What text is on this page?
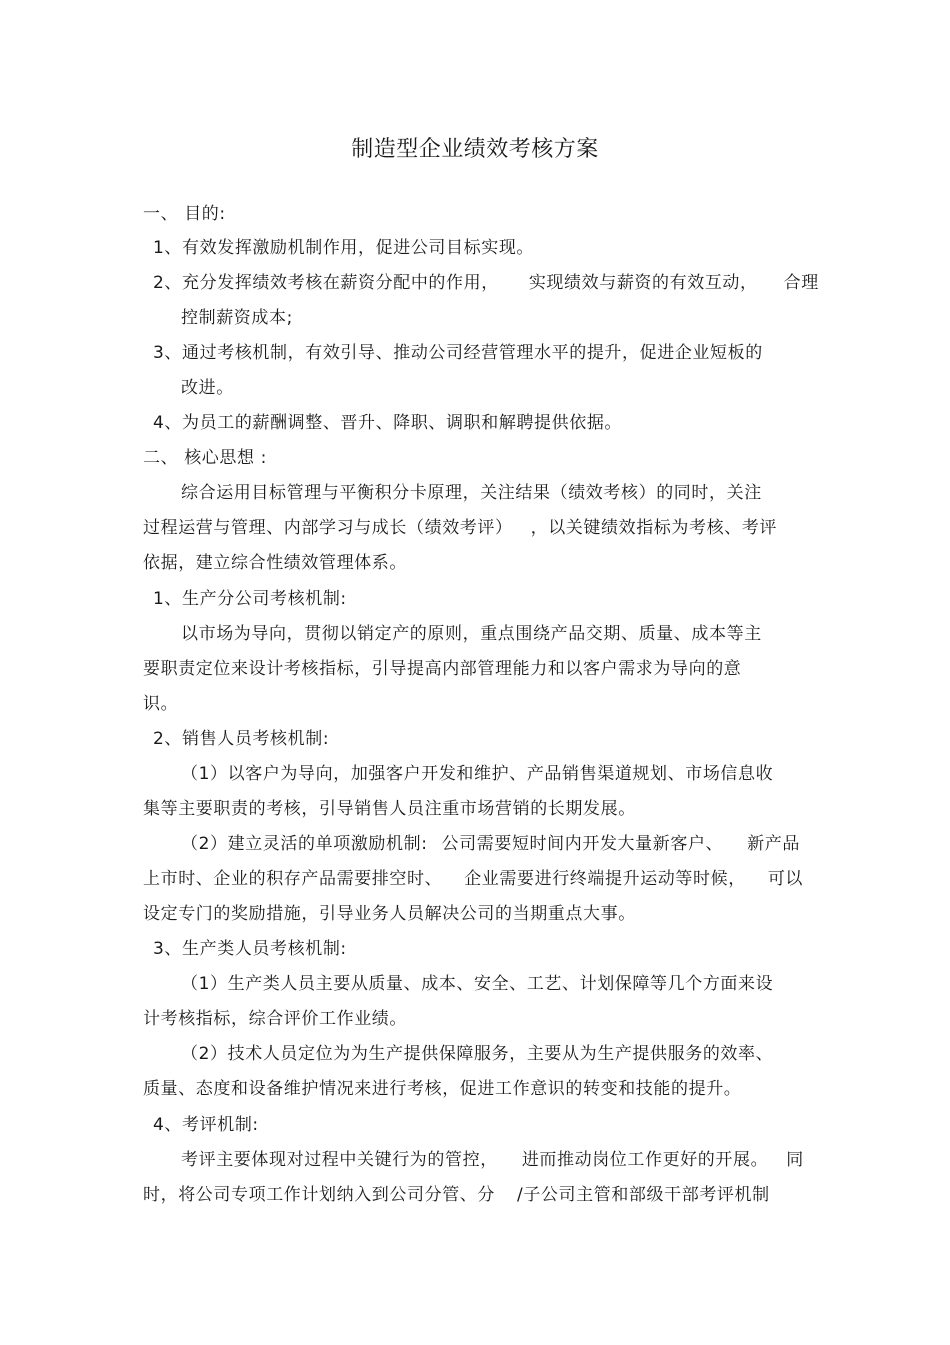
制造型企业绩效考核方案
一、 目的:
1、有效发挥激励机制作用，促进公司目标实现。
2、充分发挥绩效考核在薪资分配中的作用， 实现绩效与薪资的有效互动， 合理
控制薪资成本;
3、通过考核机制，有效引导、推动公司经营管理水平的提升，促进企业短板的
改进。
4、为员工的薪酬调整、晋升、降职、调职和解聘提供依据。
二、 核心思想 :
综合运用目标管理与平衡积分卡原理，关注结果（绩效考核）的同时，关注
过程运营与管理、内部学习与成长（绩效考评） ，以关键绩效指标为考核、考评
依据，建立综合性绩效管理体系。
1、生产分公司考核机制:
以市场为导向，贯彻以销定产的原则，重点围绕产品交期、质量、成本等主
要职责定位来设计考核指标，引导提高内部管理能力和以客户需求为导向的意
识。
2、销售人员考核机制:
（1）以客户为导向，加强客户开发和维护、产品销售渠道规划、市场信息收
集等主要职责的考核，引导销售人员注重市场营销的长期发展。
（2）建立灵活的单项激励机制: 公司需要短时间内开发大量新客户、 新产品
上市时、企业的积存产品需要排空时、 企业需要进行终端提升运动等时候， 可以
设定专门的奖励措施，引导业务人员解决公司的当期重点大事。
3、生产类人员考核机制:
（1）生产类人员主要从质量、成本、安全、工艺、计划保障等几个方面来设
计考核指标，综合评价工作业绩。
（2）技术人员定位为为生产提供保障服务，主要从为生产提供服务的效率、
质量、态度和设备维护情况来进行考核，促进工作意识的转变和技能的提升。
4、考评机制:
考评主要体现对过程中关键行为的管控， 进而推动岗位工作更好的开展。 同
时，将公司专项工作计划纳入到公司分管、分 /子公司主管和部级干部考评机制
